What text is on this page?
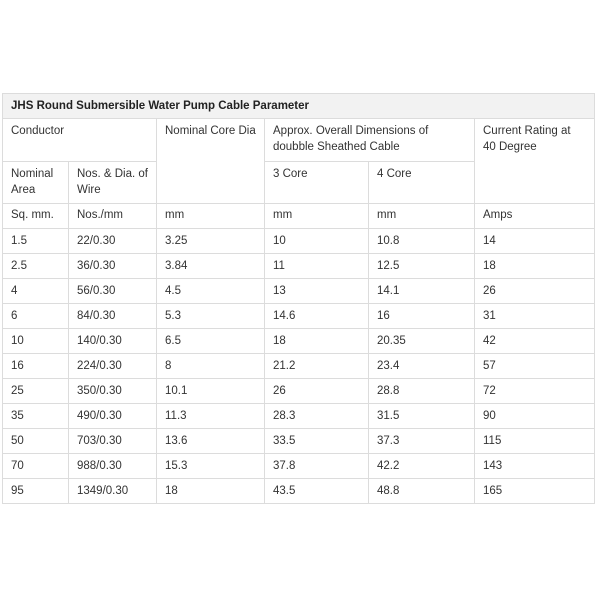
JHS Round Submersible Water Pump Cable Parameter					
Conductor		Nominal Core Dia	Approx. Overall Dimensions of doubble Sheathed Cable		Current Rating at 40 Degree
Nominal Area	Nos. & Dia. of Wire		3 Core	4 Core	
Sq. mm.	Nos./mm	mm	mm	mm	Amps
1.5	22/0.30	3.25	10	10.8	14
2.5	36/0.30	3.84	11	12.5	18
4	56/0.30	4.5	13	14.1	26
6	84/0.30	5.3	14.6	16	31
10	140/0.30	6.5	18	20.35	42
16	224/0.30	8	21.2	23.4	57
25	350/0.30	10.1	26	28.8	72
35	490/0.30	11.3	28.3	31.5	90
50	703/0.30	13.6	33.5	37.3	115
70	988/0.30	15.3	37.8	42.2	143
95	1349/0.30	18	43.5	48.8	165
